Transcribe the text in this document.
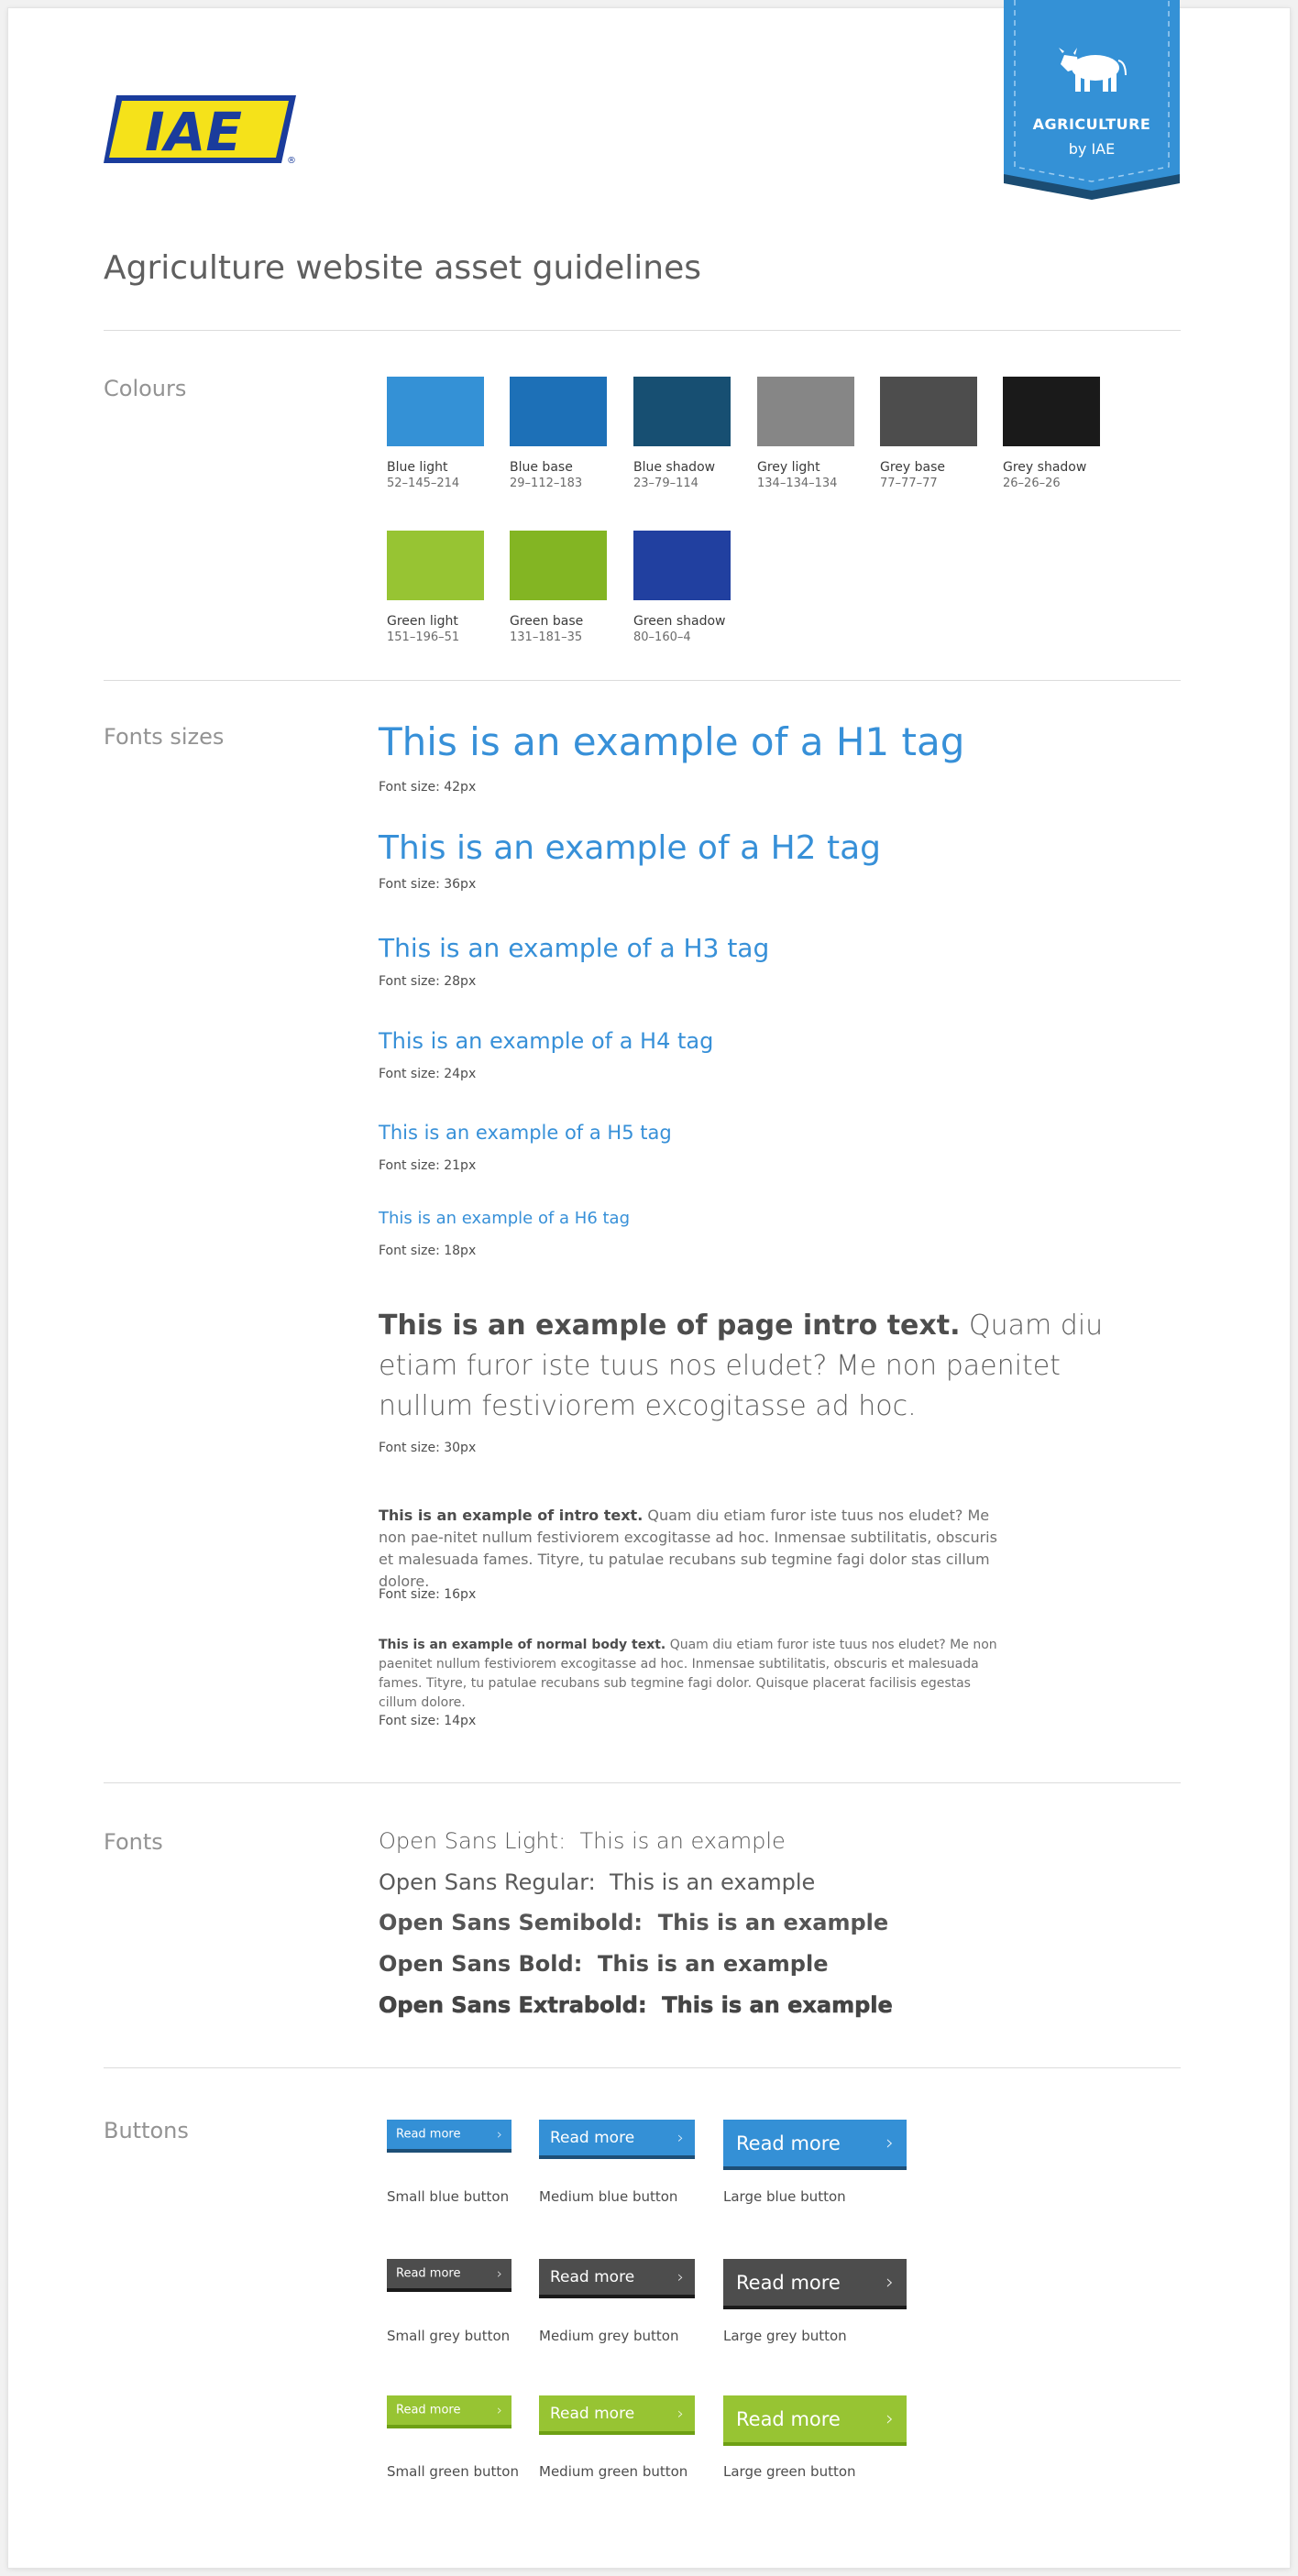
IAE	®
AGRICULTURE
by IAE
Agriculture website asset guidelines
Colours
Blue light
52–145–214
Blue base
29–112–183
Blue shadow
23–79–114
Grey light
134–134–134
Grey base
77–77–77
Grey shadow
26–26–26
Green light
151–196–51
Green base
131–181–35
Green shadow
80–160–4
Fonts sizes	This is an example of a H1 tag
Font size: 42px
This is an example of a H2 tag
Font size: 36px
This is an example of a H3 tag
Font size: 28px
This is an example of a H4 tag
Font size: 24px
This is an example of a H5 tag
Font size: 21px
This is an example of a H6 tag
Font size: 18px

This is an example of page intro text. Quam diu etiam furor iste tuus nos eludet? Me non paenitet nullum festiviorem excogitasse ad hoc.

Font size: 30px

This is an example of intro text. Quam diu etiam furor iste tuus nos eludet? Me non pae-nitet nullum festiviorem excogitasse ad hoc. Inmensae subtilitatis, obscuris et malesuada fames. Tityre, tu patulae recubans sub tegmine fagi dolor stas cillum dolore.

Font size: 16px

This is an example of normal body text. Quam diu etiam furor iste tuus nos eludet? Me non paenitet nullum festiviorem excogitasse ad hoc. Inmensae subtilitatis, obscuris et malesuada fames. Tityre, tu patulae recubans sub tegmine fagi dolor. Quisque placerat facilisis egestas cillum dolore.

Font size: 14px
Fonts	Open Sans Light: This is an example
Open Sans Regular: This is an example
Open Sans Semibold: This is an example
Open Sans Bold: This is an example
Open Sans Extrabold: This is an example
Buttons	Read more	›	Read more	›	Read more ›
Small blue button Medium blue button	Large blue button
Read more	›	Read more	›	Read more ›
Small grey button Medium grey button	Large grey button
Read more	›	Read more	›	Read more ›
Small green button Medium green button	Large green button
